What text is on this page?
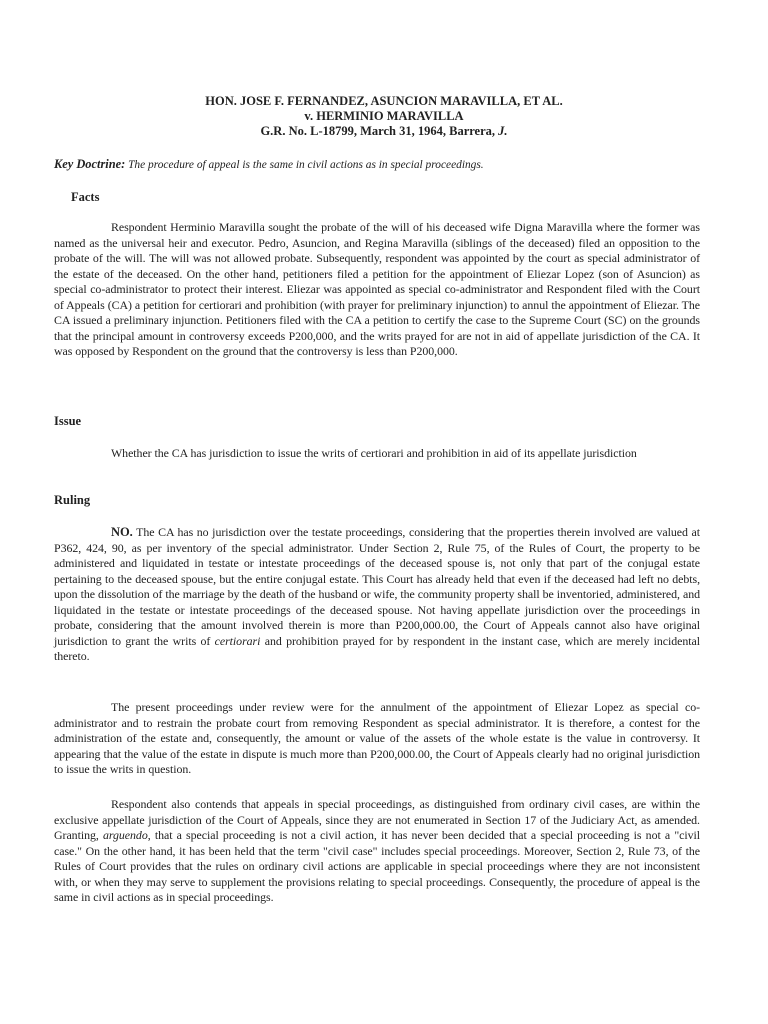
HON. JOSE F. FERNANDEZ, ASUNCION MARAVILLA, ET AL.
v. HERMINIO MARAVILLA
G.R. No. L-18799, March 31, 1964, Barrera, J.
Key Doctrine: The procedure of appeal is the same in civil actions as in special proceedings.
Facts
Respondent Herminio Maravilla sought the probate of the will of his deceased wife Digna Maravilla where the former was named as the universal heir and executor. Pedro, Asuncion, and Regina Maravilla (siblings of the deceased) filed an opposition to the probate of the will. The will was not allowed probate. Subsequently, respondent was appointed by the court as special administrator of the estate of the deceased. On the other hand, petitioners filed a petition for the appointment of Eliezar Lopez (son of Asuncion) as special co-administrator to protect their interest. Eliezar was appointed as special co-administrator and Respondent filed with the Court of Appeals (CA) a petition for certiorari and prohibition (with prayer for preliminary injunction) to annul the appointment of Eliezar. The CA issued a preliminary injunction. Petitioners filed with the CA a petition to certify the case to the Supreme Court (SC) on the grounds that the principal amount in controversy exceeds P200,000, and the writs prayed for are not in aid of appellate jurisdiction of the CA. It was opposed by Respondent on the ground that the controversy is less than P200,000.
Issue
Whether the CA has jurisdiction to issue the writs of certiorari and prohibition in aid of its appellate jurisdiction
Ruling
NO. The CA has no jurisdiction over the testate proceedings, considering that the properties therein involved are valued at P362, 424, 90, as per inventory of the special administrator. Under Section 2, Rule 75, of the Rules of Court, the property to be administered and liquidated in testate or intestate proceedings of the deceased spouse is, not only that part of the conjugal estate pertaining to the deceased spouse, but the entire conjugal estate. This Court has already held that even if the deceased had left no debts, upon the dissolution of the marriage by the death of the husband or wife, the community property shall be inventoried, administered, and liquidated in the testate or intestate proceedings of the deceased spouse. Not having appellate jurisdiction over the proceedings in probate, considering that the amount involved therein is more than P200,000.00, the Court of Appeals cannot also have original jurisdiction to grant the writs of certiorari and prohibition prayed for by respondent in the instant case, which are merely incidental thereto.
The present proceedings under review were for the annulment of the appointment of Eliezar Lopez as special co-administrator and to restrain the probate court from removing Respondent as special administrator. It is therefore, a contest for the administration of the estate and, consequently, the amount or value of the assets of the whole estate is the value in controversy. It appearing that the value of the estate in dispute is much more than P200,000.00, the Court of Appeals clearly had no original jurisdiction to issue the writs in question.
Respondent also contends that appeals in special proceedings, as distinguished from ordinary civil cases, are within the exclusive appellate jurisdiction of the Court of Appeals, since they are not enumerated in Section 17 of the Judiciary Act, as amended. Granting, arguendo, that a special proceeding is not a civil action, it has never been decided that a special proceeding is not a "civil case." On the other hand, it has been held that the term "civil case" includes special proceedings. Moreover, Section 2, Rule 73, of the Rules of Court provides that the rules on ordinary civil actions are applicable in special proceedings where they are not inconsistent with, or when they may serve to supplement the provisions relating to special proceedings. Consequently, the procedure of appeal is the same in civil actions as in special proceedings.
